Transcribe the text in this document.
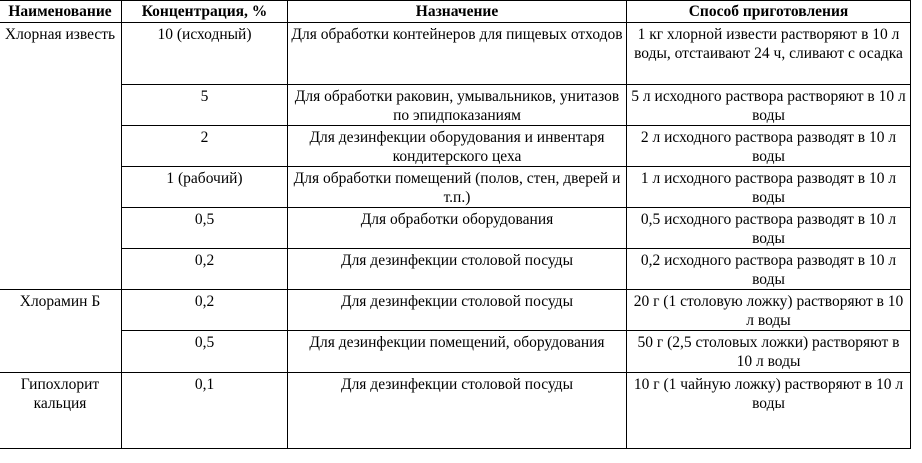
Наименование	Концентрация, %	Назначение	Способ приготовления
Хлорная известь	10 (исходный)	Для обработки контейнеров для пищевых отходов	1 кг хлорной извести растворяют в 10 л воды, отстаивают 24 ч, сливают с осадка
	5	Для обработки раковин, умывальников, унитазов по эпидпоказаниям	5 л исходного раствора растворяют в 10 л воды
	2	Для дезинфекции оборудования и инвентаря кондитерского цеха	2 л исходного раствора разводят в 10 л воды
	1 (рабочий)	Для обработки помещений (полов, стен, дверей и т.п.)	1 л исходного раствора разводят в 10 л воды
	0,5	Для обработки оборудования	0,5 исходного раствора разводят в 10 л воды
	0,2	Для дезинфекции столовой посуды	0,2 исходного раствора разводят в 10 л воды
Хлорамин Б	0,2	Для дезинфекции столовой посуды	20 г (1 столовую ложку) растворяют в 10 л воды
	0,5	Для дезинфекции помещений, оборудования	50 г (2,5 столовых ложки) растворяют в 10 л воды
Гипохлорит кальция	0,1	Для дезинфекции столовой посуды	10 г (1 чайную ложку) растворяют в 10 л воды
